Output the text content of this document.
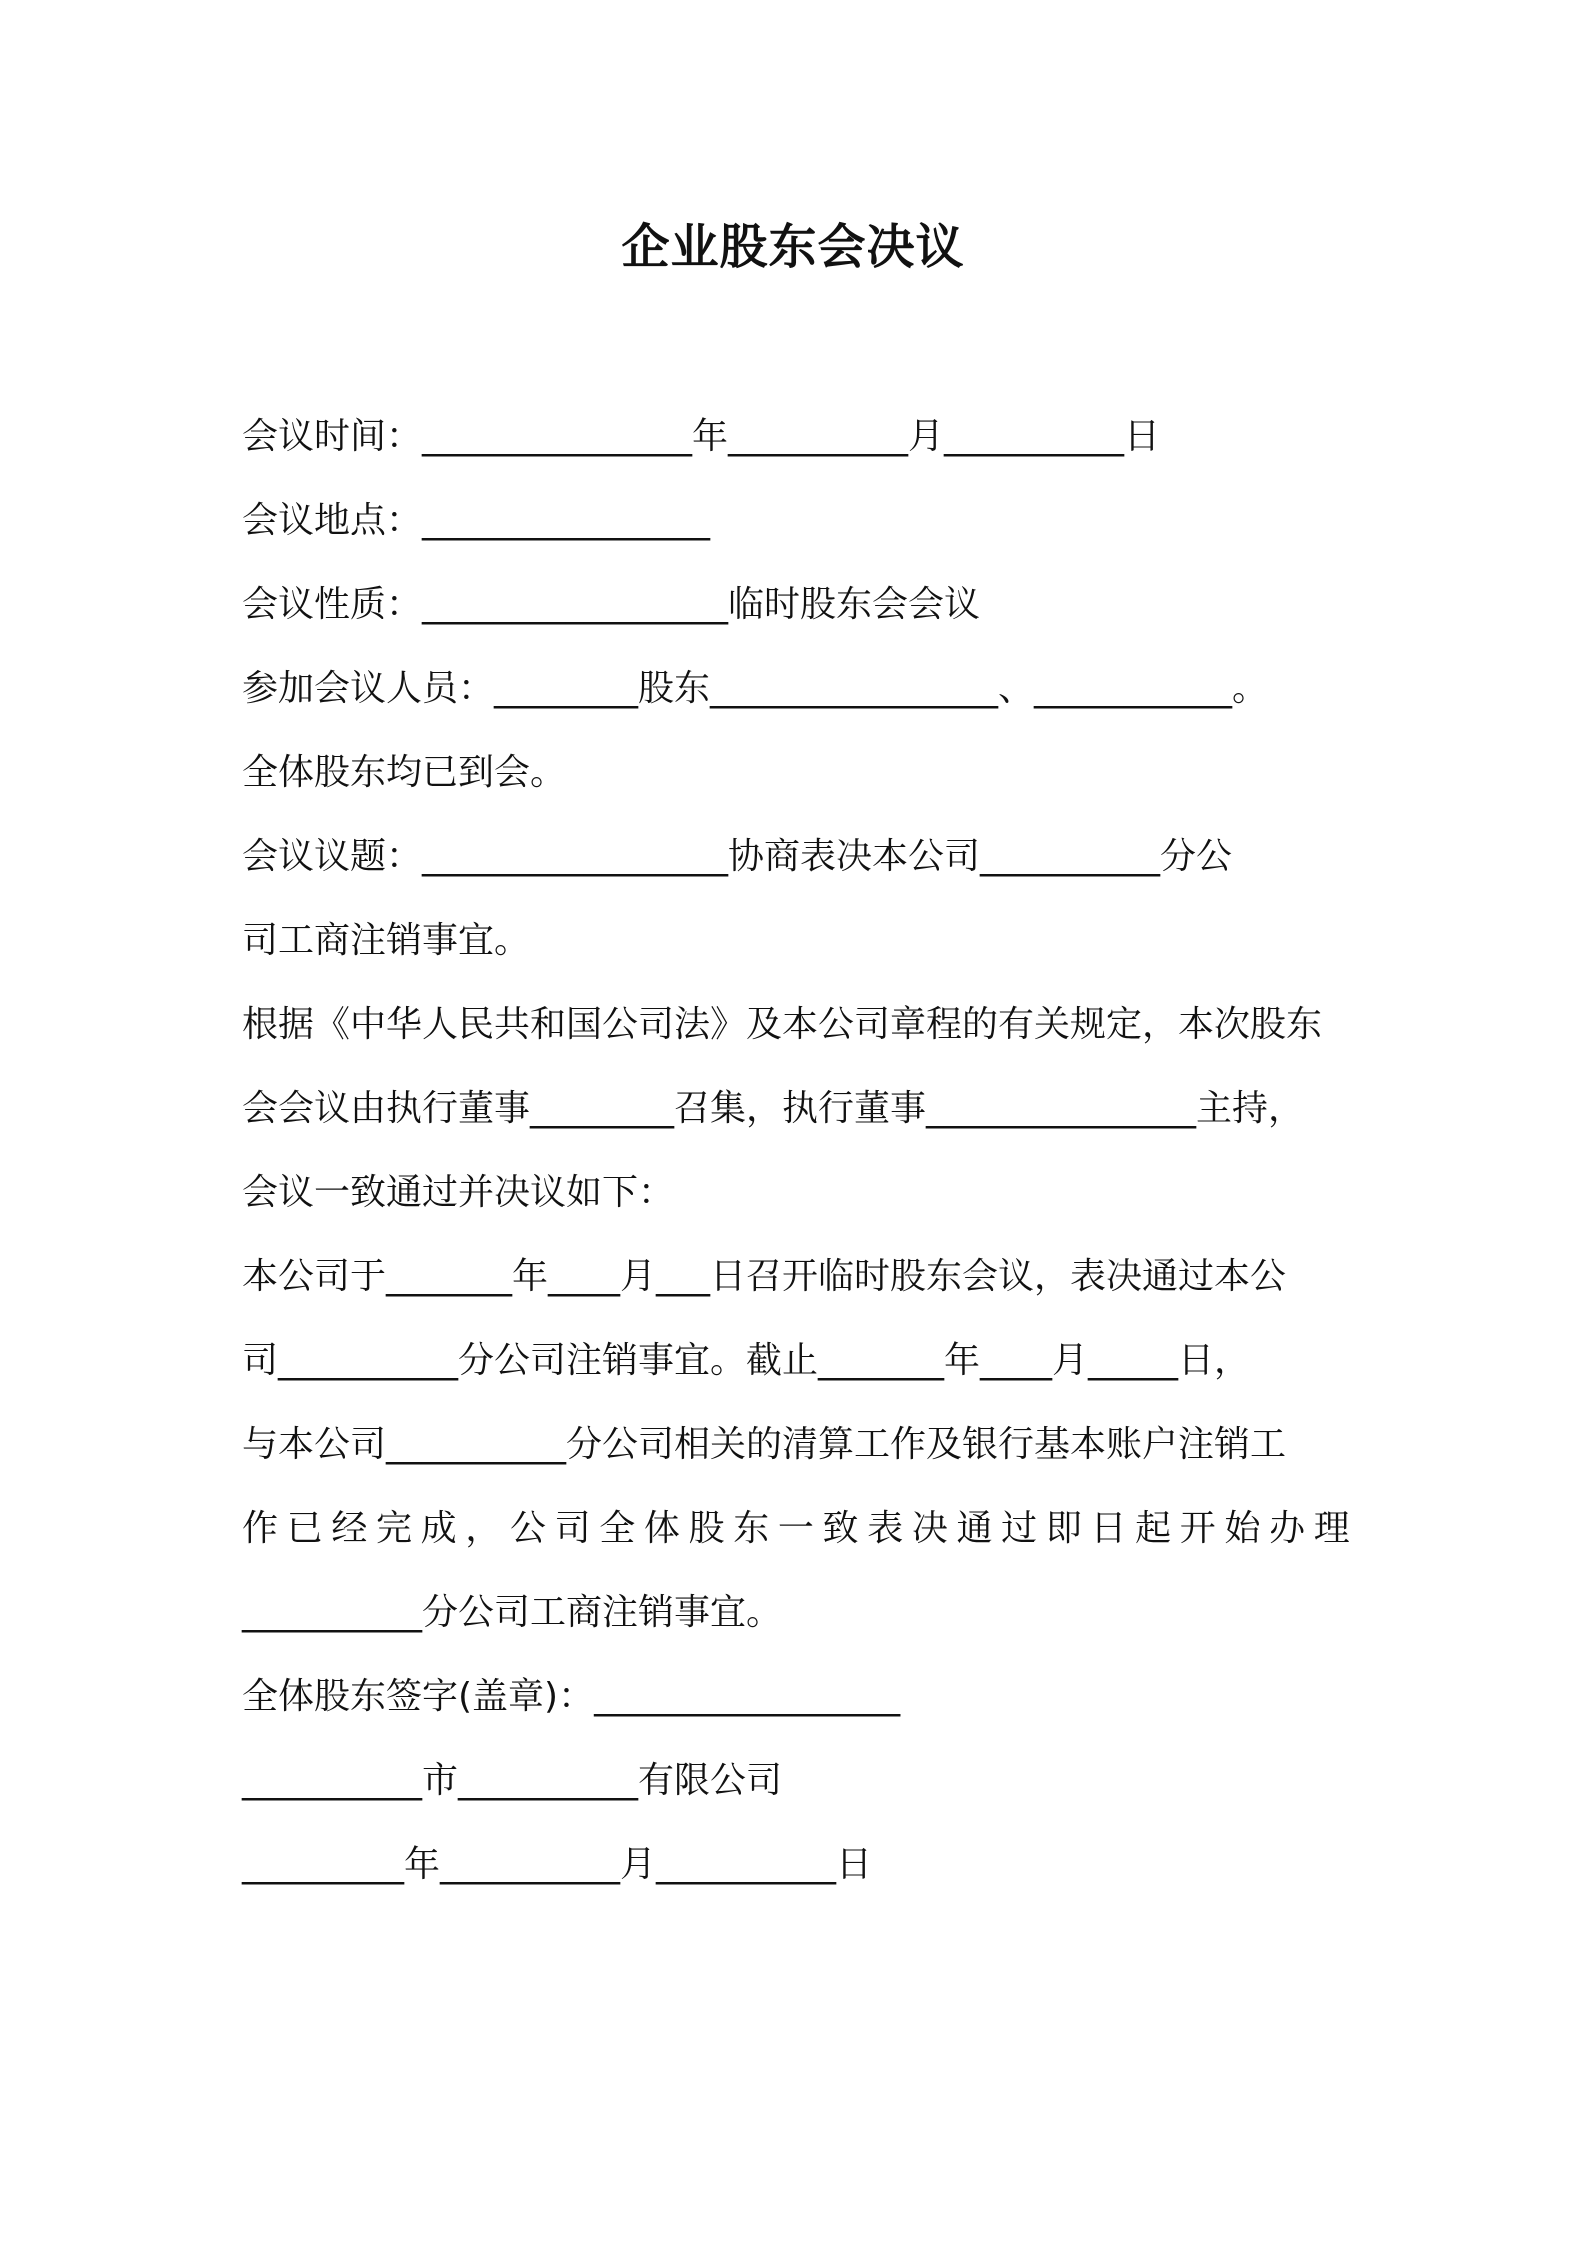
企业股东会决议

会议时间：_______________年__________月__________日

会议地点：________________

会议性质：_________________临时股东会会议

参加会议人员：________股东________________、___________。

全体股东均已到会。

会议议题：_________________协商表决本公司__________分公

司工商注销事宜。

根据《中华人民共和国公司法》及本公司章程的有关规定，本次股东

会会议由执行董事________召集，执行董事_______________主持，

会议一致通过并决议如下：

本公司于_______年____月___日召开临时股东会议，表决通过本公

司__________分公司注销事宜。截止_______年____月_____日，

与本公司__________分公司相关的清算工作及银行基本账户注销工

作 已 经 完 成 ， 公 司 全 体 股 东 一 致 表 决 通 过 即 日 起 开 始 办 理

__________分公司工商注销事宜。

全体股东签字(盖章)：_________________

__________市__________有限公司

_________年__________月__________日
